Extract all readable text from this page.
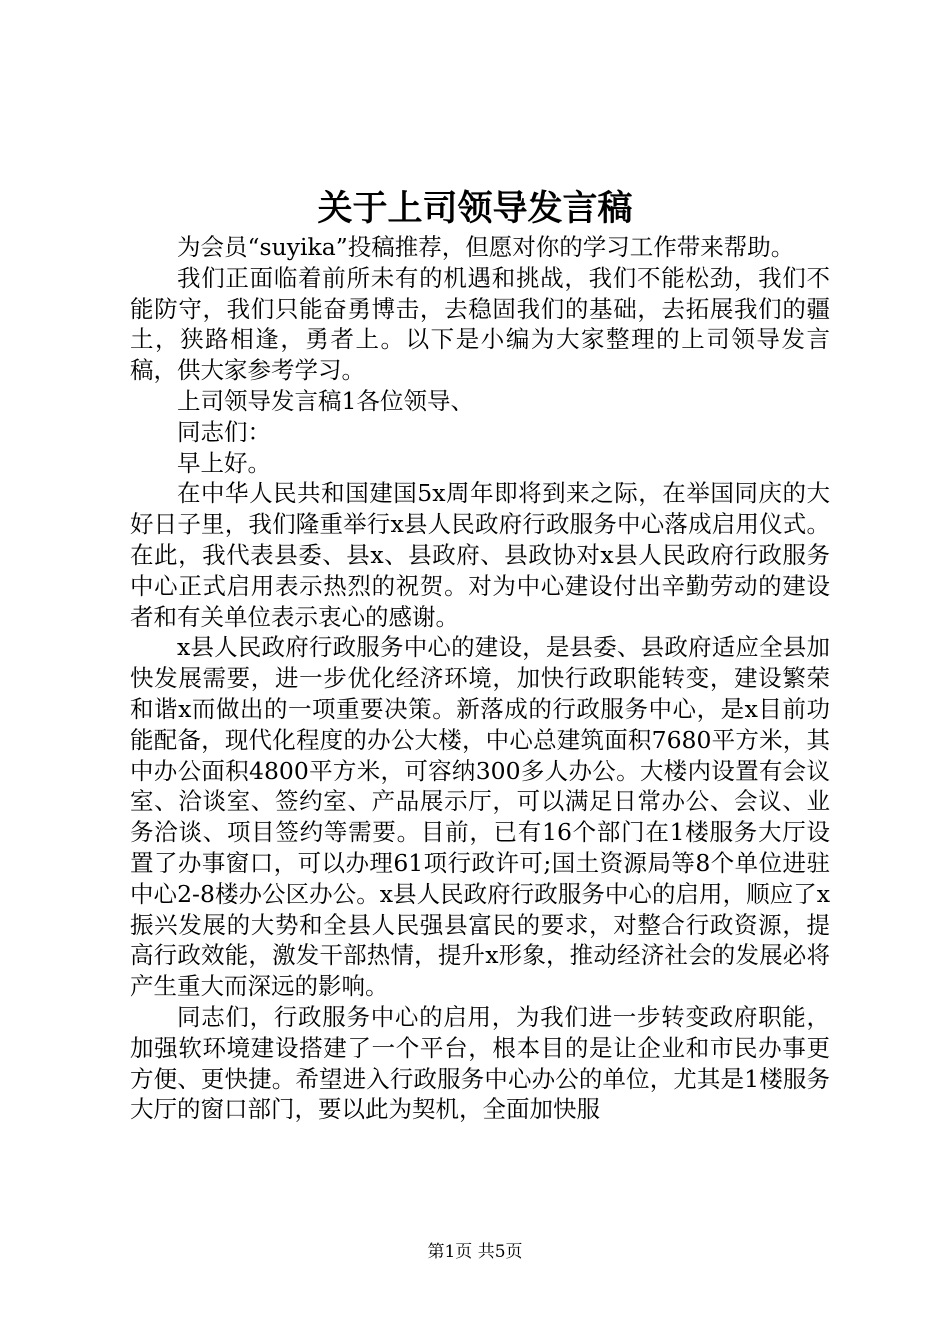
关于上司领导发言稿

为会员“suyika”投稿推荐，但愿对你的学习工作带来帮助。

我们正面临着前所未有的机遇和挑战，我们不能松劲，我们不能防守，我们只能奋勇博击，去稳固我们的基础，去拓展我们的疆土，狭路相逢，勇者上。以下是小编为大家整理的上司领导发言稿，供大家参考学习。

上司领导发言稿1各位领导、

同志们：

早上好。

在中华人民共和国建国5x周年即将到来之际，在举国同庆的大好日子里，我们隆重举行x县人民政府行政服务中心落成启用仪式。在此，我代表县委、县x、县政府、县政协对x县人民政府行政服务中心正式启用表示热烈的祝贺。对为中心建设付出辛勤劳动的建设者和有关单位表示衷心的感谢。

x县人民政府行政服务中心的建设，是县委、县政府适应全县加快发展需要，进一步优化经济环境，加快行政职能转变，建设繁荣和谐x而做出的一项重要决策。新落成的行政服务中心，是x目前功能配备，现代化程度的办公大楼，中心总建筑面积7680平方米，其中办公面积4800平方米，可容纳300多人办公。大楼内设置有会议室、洽谈室、签约室、产品展示厅，可以满足日常办公、会议、业务洽谈、项目签约等需要。目前，已有16个部门在1楼服务大厅设置了办事窗口，可以办理61项行政许可;国土资源局等8个单位进驻中心2-8楼办公区办公。x县人民政府行政服务中心的启用，顺应了x振兴发展的大势和全县人民强县富民的要求，对整合行政资源，提高行政效能，激发干部热情，提升x形象，推动经济社会的发展必将产生重大而深远的影响。

同志们，行政服务中心的启用，为我们进一步转变政府职能，加强软环境建设搭建了一个平台，根本目的是让企业和市民办事更方便、更快捷。希望进入行政服务中心办公的单位，尤其是1楼服务大厅的窗口部门，要以此为契机，全面加快服

第1页 共5页
